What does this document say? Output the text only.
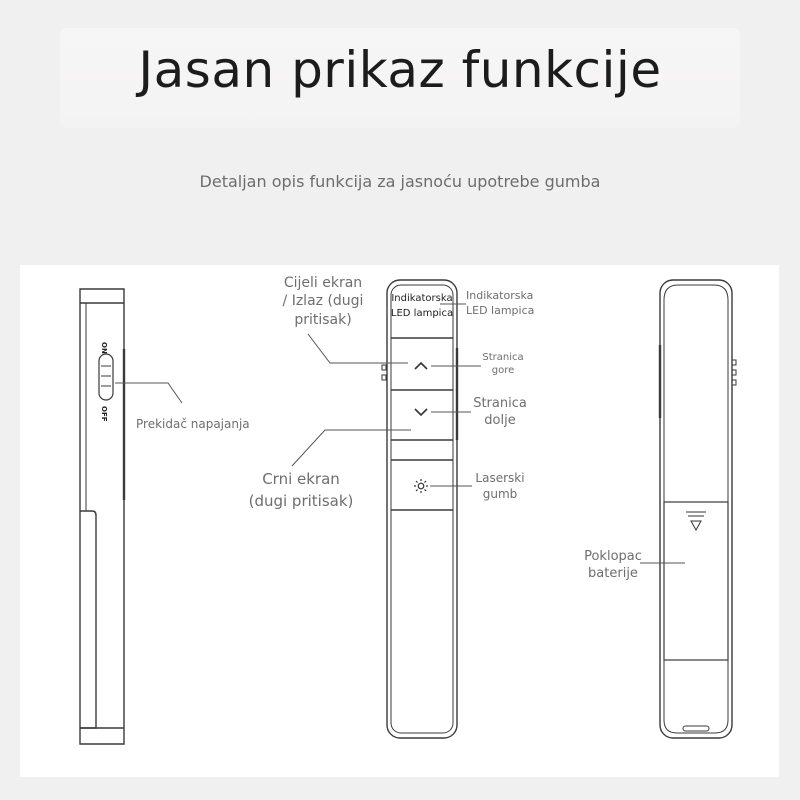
Jasan prikaz funkcije
Detaljan opis funkcija za jasnoću upotrebe gumba
ON
OFF
Prekidač napajanja
Indikatorska
LED lampica
Indikatorska
LED lampica
Cijeli ekran
/ Izlaz (dugi
pritisak)
Stranica
gore
Stranica
dolje
Crni ekran
(dugi pritisak)
Laserski
gumb
Poklopac
baterije
